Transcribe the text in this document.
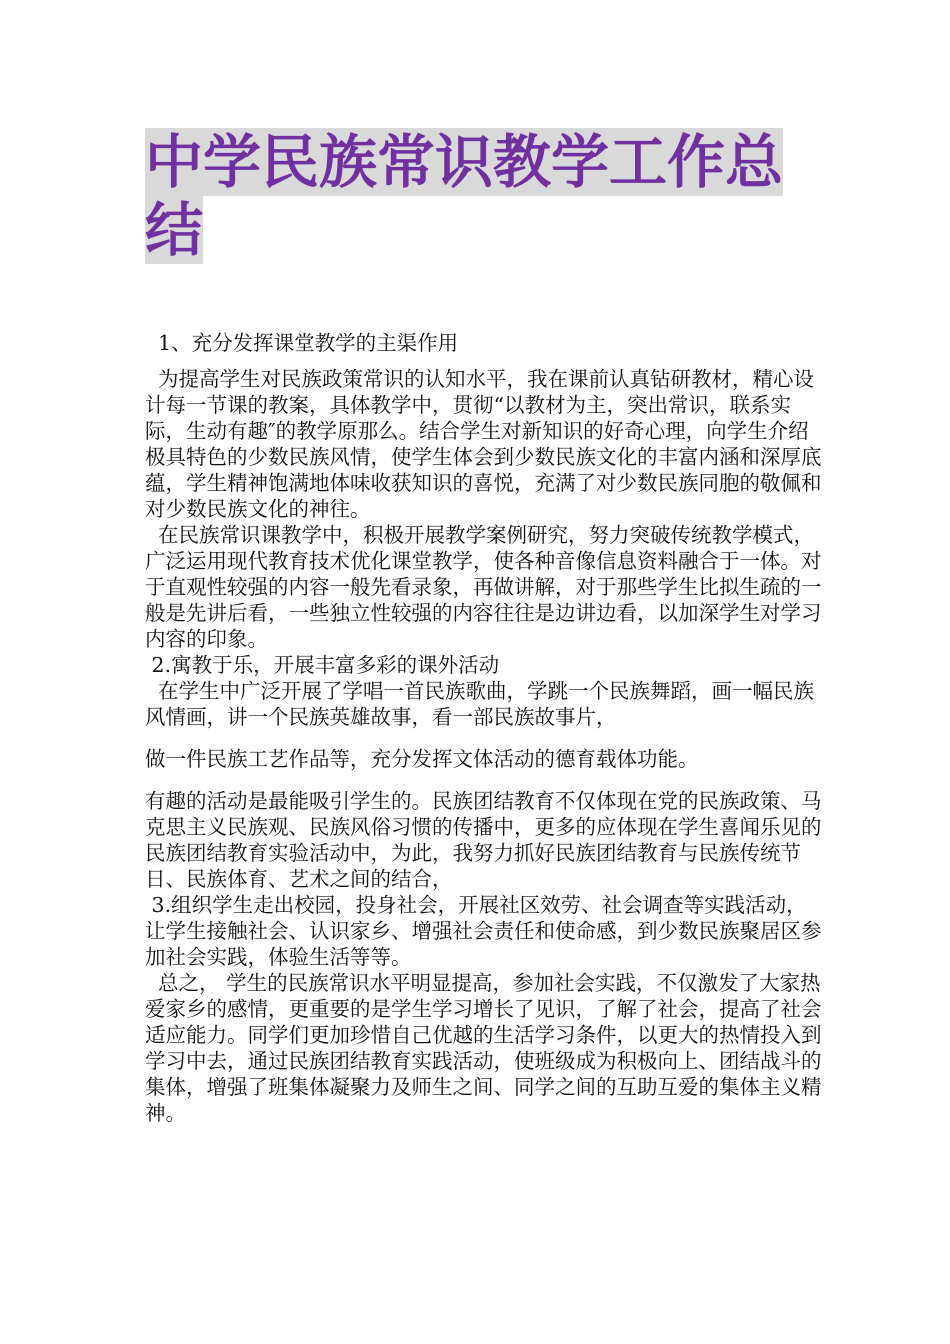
中学民族常识教学工作总结

1、充分发挥课堂教学的主渠作用

为提高学生对民族政策常识的认知水平，我在课前认真钻研教材，精心设计每一节课的教案，具体教学中，贯彻“以教材为主，突出常识，联系实际，生动有趣″的教学原那么。结合学生对新知识的好奇心理，向学生介绍极具特色的少数民族风情，使学生体会到少数民族文化的丰富内涵和深厚底蕴，学生精神饱满地体味收获知识的喜悦，充满了对少数民族同胞的敬佩和对少数民族文化的神往。

在民族常识课教学中，积极开展教学案例研究，努力突破传统教学模式，广泛运用现代教育技术优化课堂教学，使各种音像信息资料融合于一体。对于直观性较强的内容一般先看录象，再做讲解，对于那些学生比拟生疏的一般是先讲后看，一些独立性较强的内容往往是边讲边看，以加深学生对学习内容的印象。

2.寓教于乐，开展丰富多彩的课外活动

在学生中广泛开展了学唱一首民族歌曲，学跳一个民族舞蹈，画一幅民族风情画，讲一个民族英雄故事，看一部民族故事片，

做一件民族工艺作品等，充分发挥文体活动的德育载体功能。

有趣的活动是最能吸引学生的。民族团结教育不仅体现在党的民族政策、马克思主义民族观、民族风俗习惯的传播中，更多的应体现在学生喜闻乐见的民族团结教育实验活动中，为此，我努力抓好民族团结教育与民族传统节日、民族体育、艺术之间的结合，

3.组织学生走出校园，投身社会，开展社区效劳、社会调查等实践活动，让学生接触社会、认识家乡、增强社会责任和使命感，到少数民族聚居区参加社会实践，体验生活等等。

总之， 学生的民族常识水平明显提高，参加社会实践，不仅激发了大家热爱家乡的感情，更重要的是学生学习增长了见识，了解了社会，提高了社会适应能力。同学们更加珍惜自己优越的生活学习条件，以更大的热情投入到学习中去，通过民族团结教育实践活动，使班级成为积极向上、团结战斗的集体，增强了班集体凝聚力及师生之间、同学之间的互助互爱的集体主义精神。
